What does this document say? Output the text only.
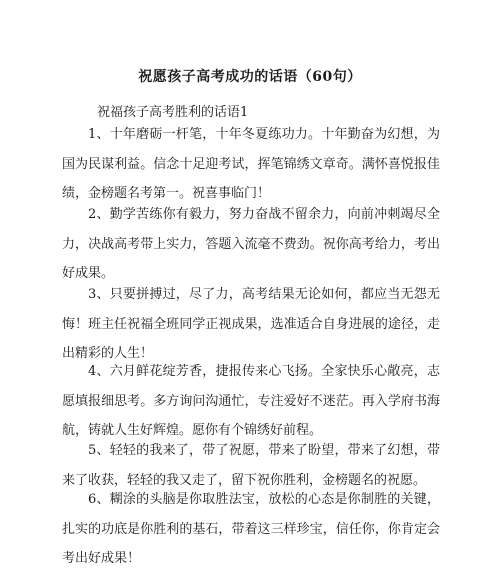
祝愿孩子高考成功的话语（60句）
祝福孩子高考胜利的话语1

1、十年磨砺一杆笔，十年冬夏练功力。十年勤奋为幻想，为国为民谋利益。信念十足迎考试，挥笔锦绣文章奇。满怀喜悦报佳绩，金榜题名考第一。祝喜事临门！

2、勤学苦练你有毅力，努力奋战不留余力，向前冲刺竭尽全力，决战高考带上实力，答题入流毫不费劲。祝你高考给力，考出好成果。

3、只要拼搏过，尽了力，高考结果无论如何，都应当无怨无悔！班主任祝福全班同学正视成果，选准适合自身进展的途径，走出精彩的人生！

4、六月鲜花绽芳香，捷报传来心飞扬。全家快乐心敞亮，志愿填报细思考。多方询问沟通忙，专注爱好不迷茫。再入学府书海航，铸就人生好辉煌。愿你有个锦绣好前程。

5、轻轻的我来了，带了祝愿，带来了盼望，带来了幻想，带来了收获，轻轻的我又走了，留下祝你胜利，金榜题名的祝愿。

6、糊涂的头脑是你取胜法宝，放松的心态是你制胜的关键，扎实的功底是你胜利的基石，带着这三样珍宝，信任你，你肯定会考出好成果！
